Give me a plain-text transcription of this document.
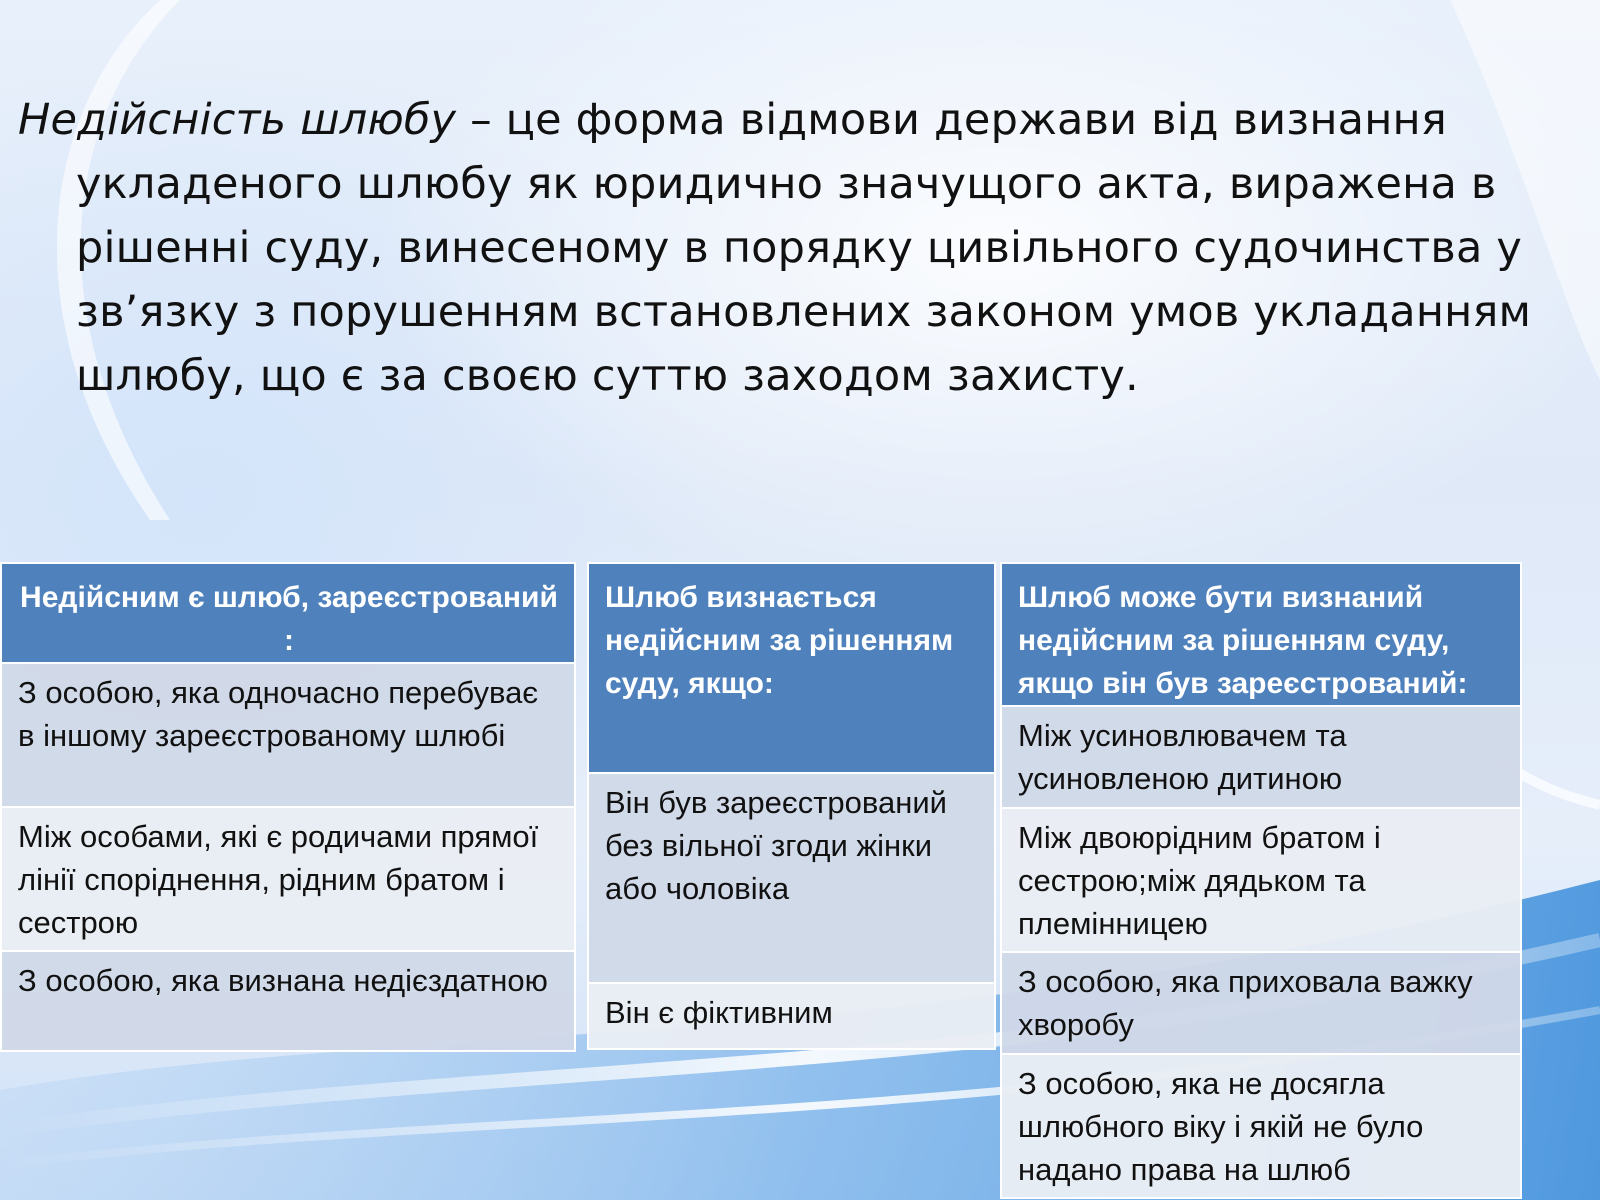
Недійсність шлюбу – це форма відмови держави від визнання укладеного шлюбу як юридично значущого акта, виражена в рішенні суду, винесеному в порядку цивільного судочинства у зв’язку з порушенням встановлених законом умов укладанням шлюбу, що є за своєю суттю заходом захисту.

Недійсним є шлюб, зареєстрований :
З особою, яка одночасно перебуває в іншому зареєстрованому шлюбі
Між особами, які є родичами прямої лінії споріднення, рідним братом і сестрою
З особою, яка визнана недієздатною
Шлюб визнається недійсним за рішенням суду, якщо:
Він був зареєстрований без вільної згоди жінки або чоловіка
Він є фіктивним
Шлюб може бути визнаний недійсним за рішенням суду, якщо він був зареєстрований:
Між усиновлювачем та усиновленою дитиною
Між двоюрідним братом і сестрою;між дядьком та племінницею
З особою, яка приховала важку хворобу
З особою, яка не досягла шлюбного віку і якій не було надано права на шлюб
